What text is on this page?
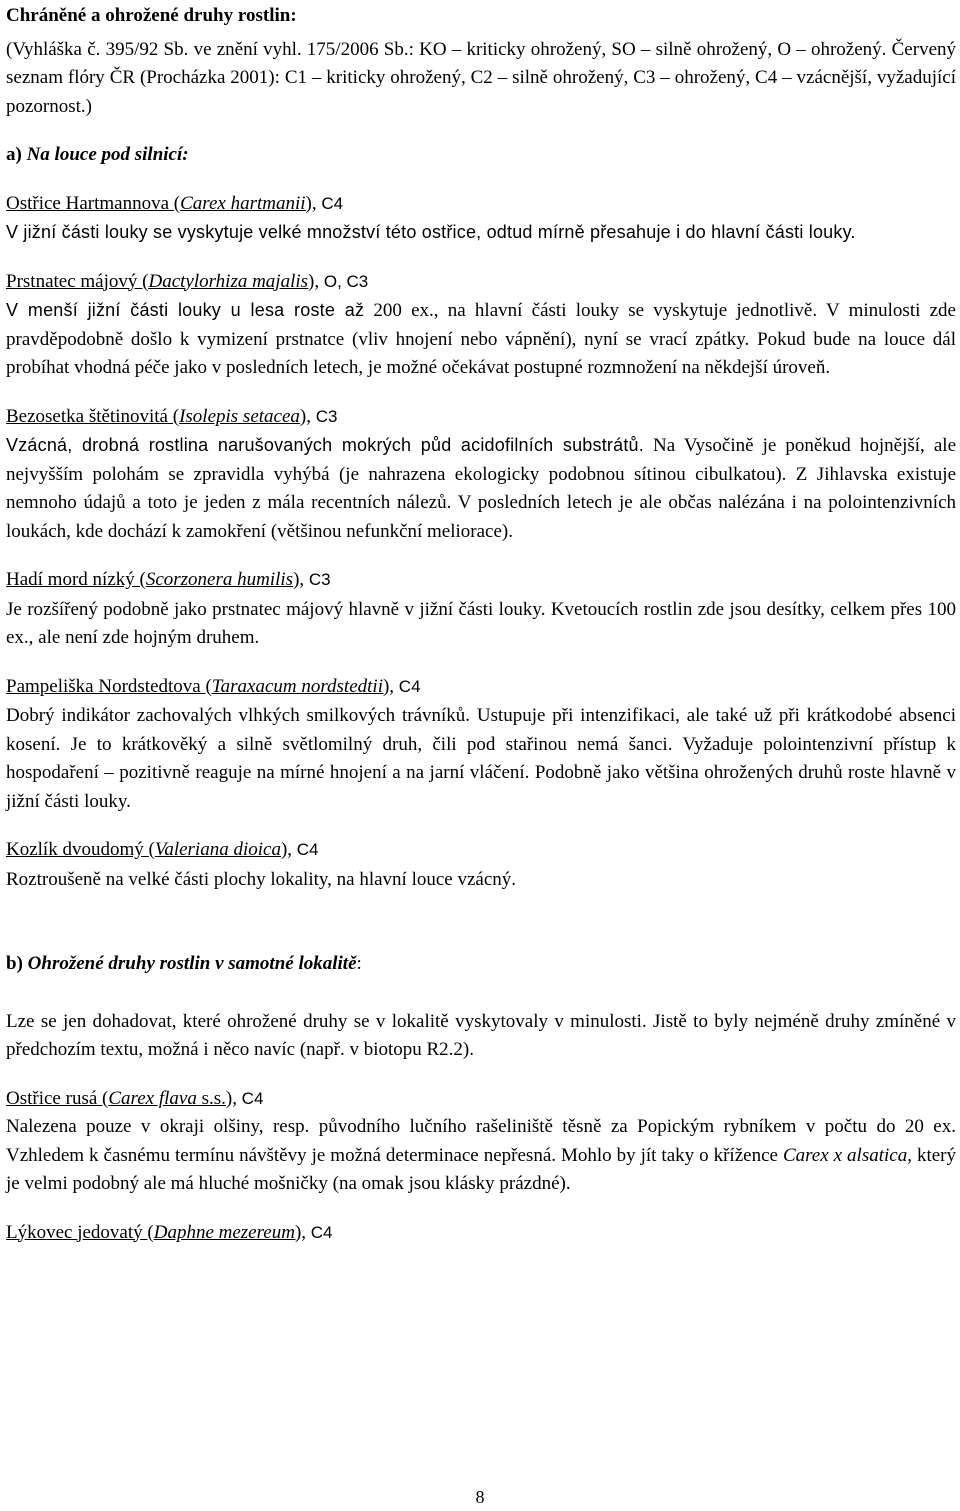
Chráněné a ohrožené druhy rostlin:

(Vyhláška č. 395/92 Sb. ve znění vyhl. 175/2006 Sb.: KO – kriticky ohrožený, SO – silně ohrožený, O – ohrožený. Červený seznam flóry ČR (Procházka 2001): C1 – kriticky ohrožený, C2 – silně ohrožený, C3 – ohrožený, C4 – vzácnější, vyžadující pozornost.)

a) Na louce pod silnicí:

Ostřice Hartmannova (Carex hartmanii), C4

V jižní části louky se vyskytuje velké množství této ostřice, odtud mírně přesahuje i do hlavní části louky.

Prstnatec májový (Dactylorhiza majalis), O, C3

V menší jižní části louky u lesa roste až 200 ex., na hlavní části louky se vyskytuje jednotlivě. V minulosti zde pravděpodobně došlo k vymizení prstnatce (vliv hnojení nebo vápnění), nyní se vrací zpátky. Pokud bude na louce dál probíhat vhodná péče jako v posledních letech, je možné očekávat postupné rozmnožení na někdejší úroveň.

Bezosetka štětinovitá (Isolepis setacea), C3

Vzácná, drobná rostlina narušovaných mokrých půd acidofilních substrátů. Na Vysočině je poněkud hojnější, ale nejvyšším polohám se zpravidla vyhýbá (je nahrazena ekologicky podobnou sítinou cibulkatou). Z Jihlavska existuje nemnoho údajů a toto je jeden z mála recentních nálezů. V posledních letech je ale občas nalézána i na polointenzivních loukách, kde dochází k zamokření (většinou nefunkční meliorace).

Hadí mord nízký (Scorzonera humilis), C3

Je rozšířený podobně jako prstnatec májový hlavně v jižní části louky. Kvetoucích rostlin zde jsou desítky, celkem přes 100 ex., ale není zde hojným druhem.

Pampeliška Nordstedtova (Taraxacum nordstedtii), C4

Dobrý indikátor zachovalých vlhkých smilkových trávníků. Ustupuje při intenzifikaci, ale také už při krátkodobé absenci kosení. Je to krátkověký a silně světlomilný druh, čili pod stařinou nemá šanci. Vyžaduje polointenzivní přístup k hospodaření – pozitivně reaguje na mírné hnojení a na jarní vláčení. Podobně jako většina ohrožených druhů roste hlavně v jižní části louky.

Kozlík dvoudomý (Valeriana dioica), C4

Roztroušeně na velké části plochy lokality, na hlavní louce vzácný.

b) Ohrožené druhy rostlin v samotné lokalitě:

Lze se jen dohadovat, které ohrožené druhy se v lokalitě vyskytovaly v minulosti. Jistě to byly nejméně druhy zmíněné v předchozím textu, možná i něco navíc (např. v biotopu R2.2).

Ostřice rusá (Carex flava s.s.), C4

Nalezena pouze v okraji olšiny, resp. původního lučního rašeliniště těsně za Popickým rybníkem v počtu do 20 ex. Vzhledem k časnému termínu návštěvy je možná determinace nepřesná. Mohlo by jít taky o křížence Carex x alsatica, který je velmi podobný ale má hluché mošničky (na omak jsou klásky prázdné).

Lýkovec jedovatý (Daphne mezereum), C4

8
